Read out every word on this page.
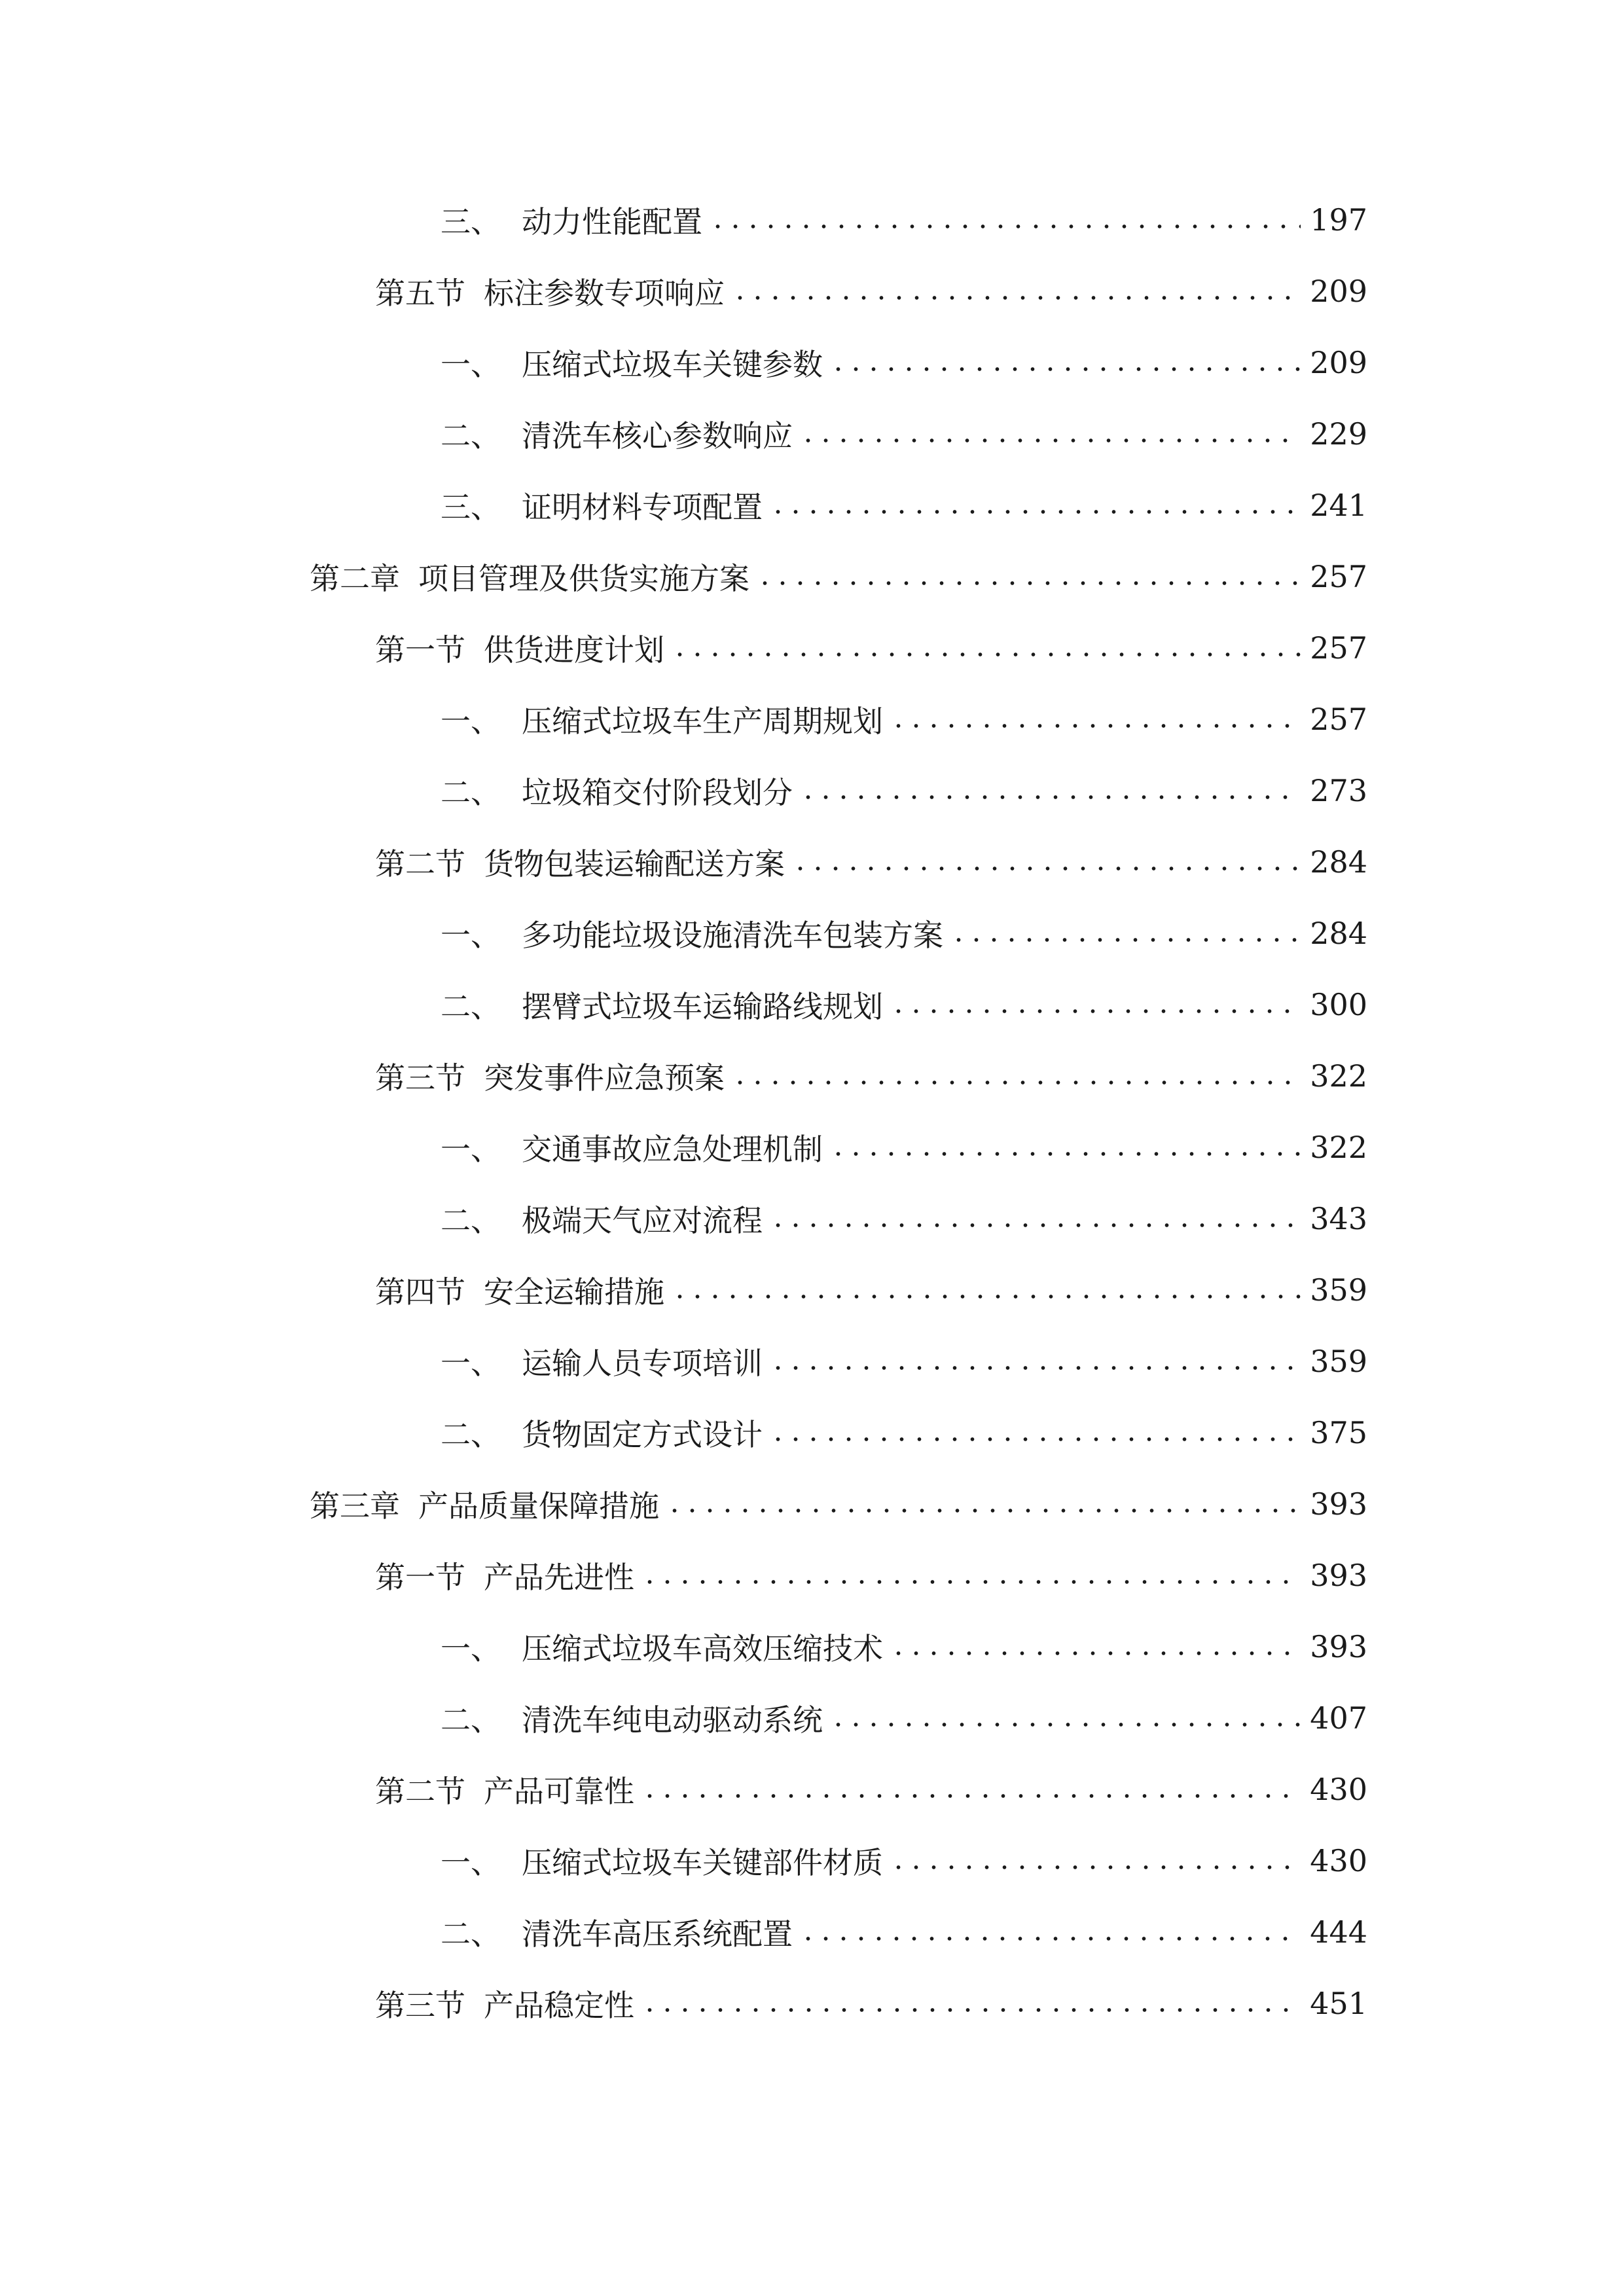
三、 动力性能配置	197
第五节 标注参数专项响应	209
一、 压缩式垃圾车关键参数	209
二、 清洗车核心参数响应	229
三、 证明材料专项配置	241
第二章 项目管理及供货实施方案	257
第一节 供货进度计划	257
一、 压缩式垃圾车生产周期规划	257
二、 垃圾箱交付阶段划分	273
第二节 货物包装运输配送方案	284
一、 多功能垃圾设施清洗车包装方案	284
二、 摆臂式垃圾车运输路线规划	300
第三节 突发事件应急预案	322
一、 交通事故应急处理机制	322
二、 极端天气应对流程	343
第四节 安全运输措施	359
一、 运输人员专项培训	359
二、 货物固定方式设计	375
第三章 产品质量保障措施	393
第一节 产品先进性	393
一、 压缩式垃圾车高效压缩技术	393
二、 清洗车纯电动驱动系统	407
第二节 产品可靠性	430
一、 压缩式垃圾车关键部件材质	430
二、 清洗车高压系统配置	444
第三节 产品稳定性	451
